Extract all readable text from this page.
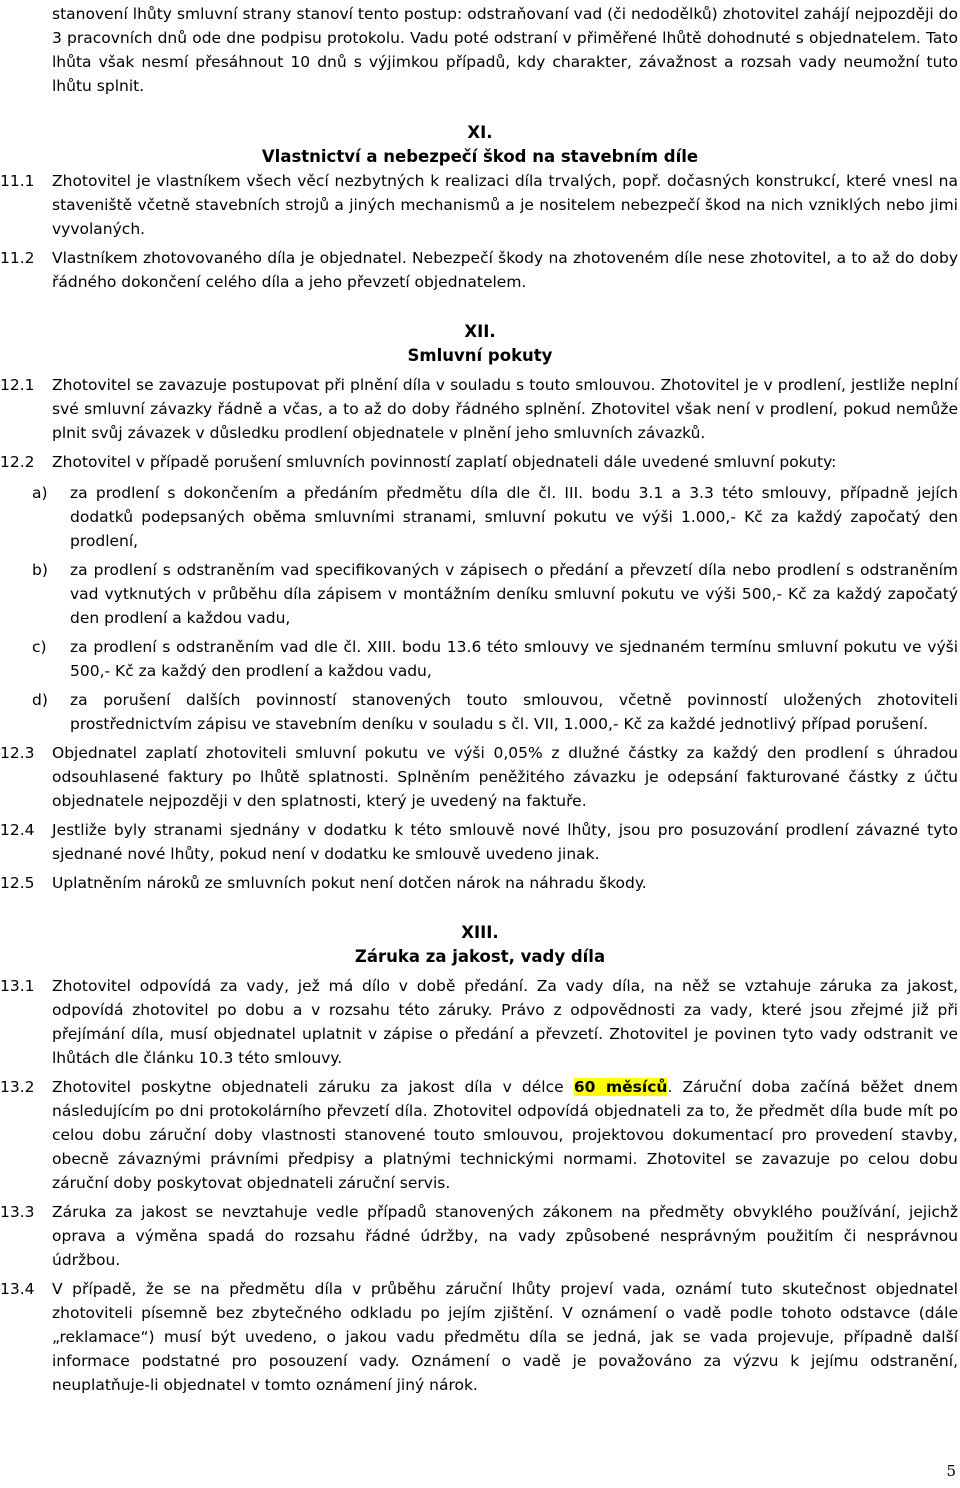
stanovení lhůty smluvní strany stanoví tento postup: odstraňovaní vad (či nedodělků) zhotovitel zahájí nejpozději do 3 pracovních dnů ode dne podpisu protokolu. Vadu poté odstraní v přiměřené lhůtě dohodnuté s objednatelem. Tato lhůta však nesmí přesáhnout 10 dnů s výjimkou případů, kdy charakter, závažnost a rozsah vady neumožní tuto lhůtu splnit.

XI.
Vlastnictví a nebezpečí škod na stavebním díle

11.1 Zhotovitel je vlastníkem všech věcí nezbytných k realizaci díla trvalých, popř. dočasných konstrukcí, které vnesl na staveniště včetně stavebních strojů a jiných mechanismů a je nositelem nebezpečí škod na nich vzniklých nebo jimi vyvolaných.

11.2 Vlastníkem zhotovovaného díla je objednatel. Nebezpečí škody na zhotoveném díle nese zhotovitel, a to až do doby řádného dokončení celého díla a jeho převzetí objednatelem.

XII.
Smluvní pokuty

12.1 Zhotovitel se zavazuje postupovat při plnění díla v souladu s touto smlouvou. Zhotovitel je v prodlení, jestliže neplní své smluvní závazky řádně a včas, a to až do doby řádného splnění. Zhotovitel však není v prodlení, pokud nemůže plnit svůj závazek v důsledku prodlení objednatele v plnění jeho smluvních závazků.

12.2 Zhotovitel v případě porušení smluvních povinností zaplatí objednateli dále uvedené smluvní pokuty:

a) za prodlení s dokončením a předáním předmětu díla dle čl. III. bodu 3.1 a 3.3 této smlouvy, případně jejích dodatků podepsaných oběma smluvními stranami, smluvní pokutu ve výši 1.000,- Kč za každý započatý den prodlení,

b) za prodlení s odstraněním vad specifikovaných v zápisech o předání a převzetí díla nebo prodlení s odstraněním vad vytknutých v průběhu díla zápisem v montážním deníku smluvní pokutu ve výši 500,- Kč za každý započatý den prodlení a každou vadu,

c) za prodlení s odstraněním vad dle čl. XIII. bodu 13.6 této smlouvy ve sjednaném termínu smluvní pokutu ve výši 500,- Kč za každý den prodlení a každou vadu,

d) za porušení dalších povinností stanovených touto smlouvou, včetně povinností uložených zhotoviteli prostřednictvím zápisu ve stavebním deníku v souladu s čl. VII, 1.000,- Kč za každé jednotlivý případ porušení.

12.3 Objednatel zaplatí zhotoviteli smluvní pokutu ve výši 0,05% z dlužné částky za každý den prodlení s úhradou odsouhlasené faktury po lhůtě splatnosti. Splněním peněžitého závazku je odepsání fakturované částky z účtu objednatele nejpozději v den splatnosti, který je uvedený na faktuře.

12.4 Jestliže byly stranami sjednány v dodatku k této smlouvě nové lhůty, jsou pro posuzování prodlení závazné tyto sjednané nové lhůty, pokud není v dodatku ke smlouvě uvedeno jinak.

12.5 Uplatněním nároků ze smluvních pokut není dotčen nárok na náhradu škody.

XIII.
Záruka za jakost, vady díla

13.1 Zhotovitel odpovídá za vady, jež má dílo v době předání. Za vady díla, na něž se vztahuje záruka za jakost, odpovídá zhotovitel po dobu a v rozsahu této záruky. Právo z odpovědnosti za vady, které jsou zřejmé již při přejímání díla, musí objednatel uplatnit v zápise o předání a převzetí. Zhotovitel je povinen tyto vady odstranit ve lhůtách dle článku 10.3 této smlouvy.

13.2 Zhotovitel poskytne objednateli záruku za jakost díla v délce 60 měsíců. Záruční doba začíná běžet dnem následujícím po dni protokolárního převzetí díla. Zhotovitel odpovídá objednateli za to, že předmět díla bude mít po celou dobu záruční doby vlastnosti stanovené touto smlouvou, projektovou dokumentací pro provedení stavby, obecně závaznými právními předpisy a platnými technickými normami. Zhotovitel se zavazuje po celou dobu záruční doby poskytovat objednateli záruční servis.

13.3 Záruka za jakost se nevztahuje vedle případů stanovených zákonem na předměty obvyklého používání, jejichž oprava a výměna spadá do rozsahu řádné údržby, na vady způsobené nesprávným použitím či nesprávnou údržbou.

13.4 V případě, že se na předmětu díla v průběhu záruční lhůty projeví vada, oznámí tuto skutečnost objednatel zhotoviteli písemně bez zbytečného odkladu po jejím zjištění. V oznámení o vadě podle tohoto odstavce (dále „reklamace“) musí být uvedeno, o jakou vadu předmětu díla se jedná, jak se vada projevuje, případně další informace podstatné pro posouzení vady. Oznámení o vadě je považováno za výzvu k jejímu odstranění, neuplatňuje-li objednatel v tomto oznámení jiný nárok.

5
